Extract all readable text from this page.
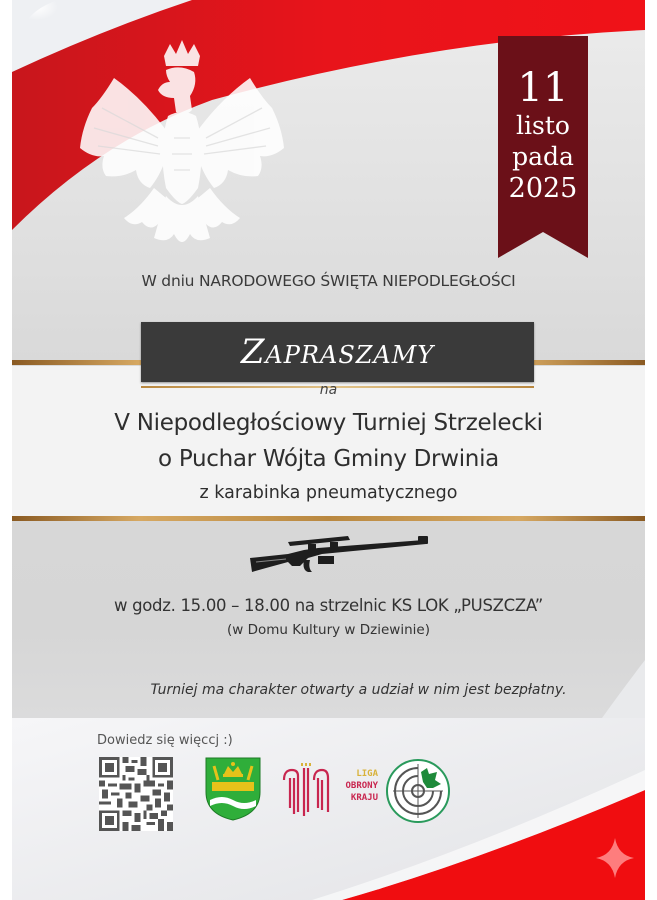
11
listo
pada
2025
W dniu NARODOWEGO ŚWIĘTA NIEPODLEGŁOŚCI
Zapraszamy
na
V Niepodległościowy Turniej Strzelecki
o Puchar Wójta Gminy Drwinia
z karabinka pneumatycznego
w godz. 15.00 – 18.00 na strzelnic KS LOK „PUSZCZA”
(w Domu Kultury w Dziewinie)
Turniej ma charakter otwarty a udział w nim jest bezpłatny.
Dowiedz się więccj :)
LIGA
OBRONY
KRAJU
